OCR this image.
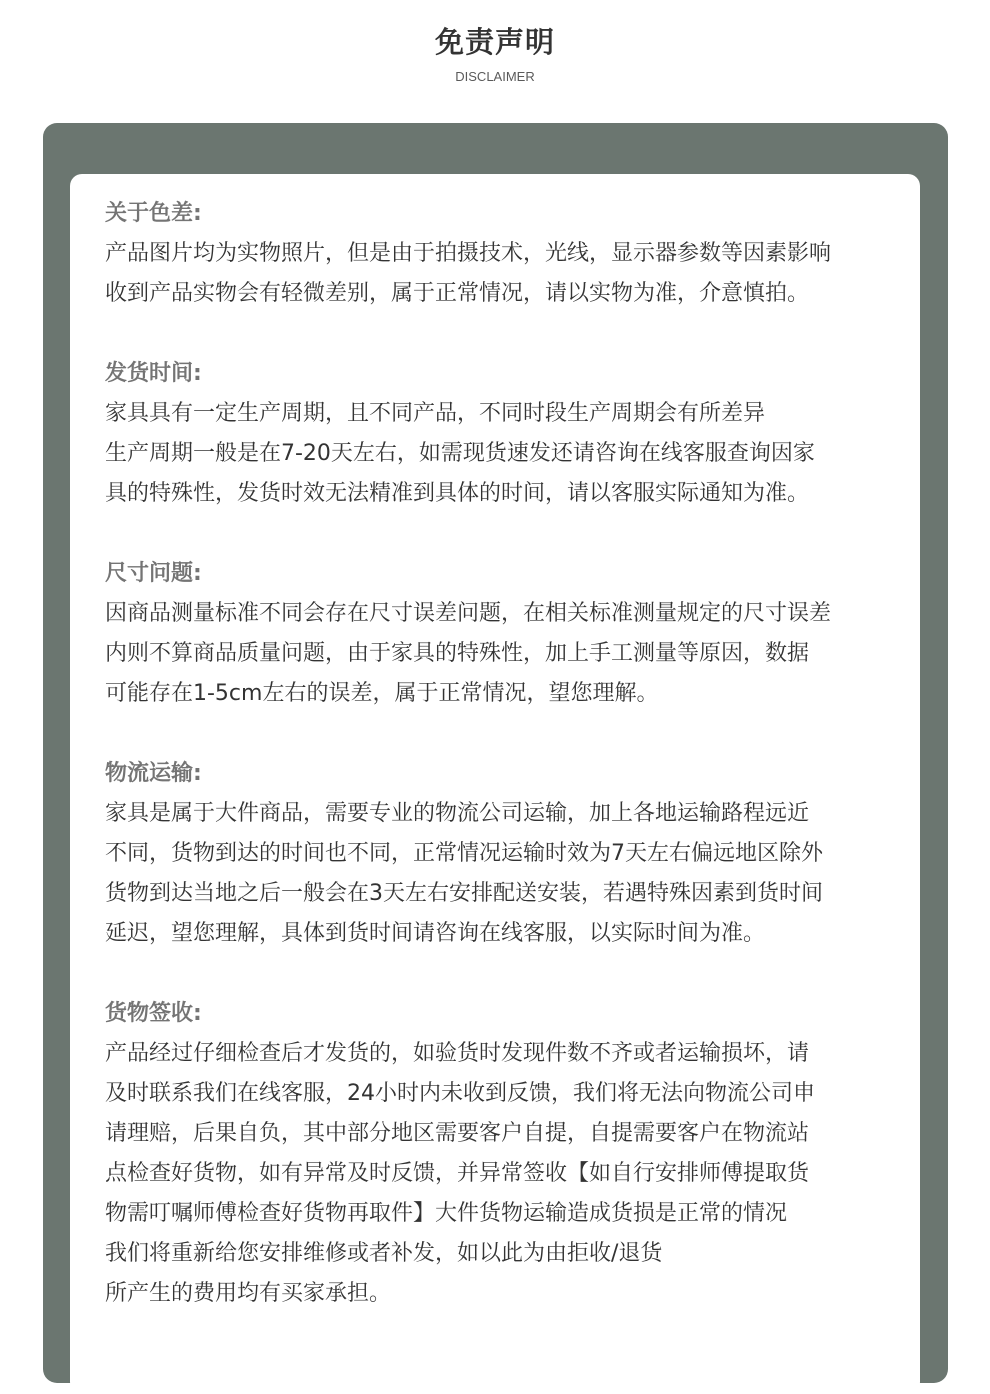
免责声明
DISCLAIMER
关于色差:
产品图片均为实物照片，但是由于拍摄技术，光线，显示器参数等因素影响
收到产品实物会有轻微差别，属于正常情况，请以实物为准，介意慎拍。
发货时间:
家具具有一定生产周期，且不同产品，不同时段生产周期会有所差异
生产周期一般是在7-20天左右，如需现货速发还请咨询在线客服查询因家
具的特殊性，发货时效无法精准到具体的时间，请以客服实际通知为准。
尺寸问题:
因商品测量标准不同会存在尺寸误差问题，在相关标准测量规定的尺寸误差
内则不算商品质量问题，由于家具的特殊性，加上手工测量等原因，数据
可能存在1-5cm左右的误差，属于正常情况，望您理解。
物流运输:
家具是属于大件商品，需要专业的物流公司运输，加上各地运输路程远近
不同，货物到达的时间也不同，正常情况运输时效为7天左右偏远地区除外
货物到达当地之后一般会在3天左右安排配送安装，若遇特殊因素到货时间
延迟，望您理解，具体到货时间请咨询在线客服，以实际时间为准。
货物签收:
产品经过仔细检查后才发货的，如验货时发现件数不齐或者运输损坏，请
及时联系我们在线客服，24小时内未收到反馈，我们将无法向物流公司申
请理赔，后果自负，其中部分地区需要客户自提，自提需要客户在物流站
点检查好货物，如有异常及时反馈，并异常签收【如自行安排师傅提取货
物需叮嘱师傅检查好货物再取件】大件货物运输造成货损是正常的情况
我们将重新给您安排维修或者补发，如以此为由拒收/退货
所产生的费用均有买家承担。
